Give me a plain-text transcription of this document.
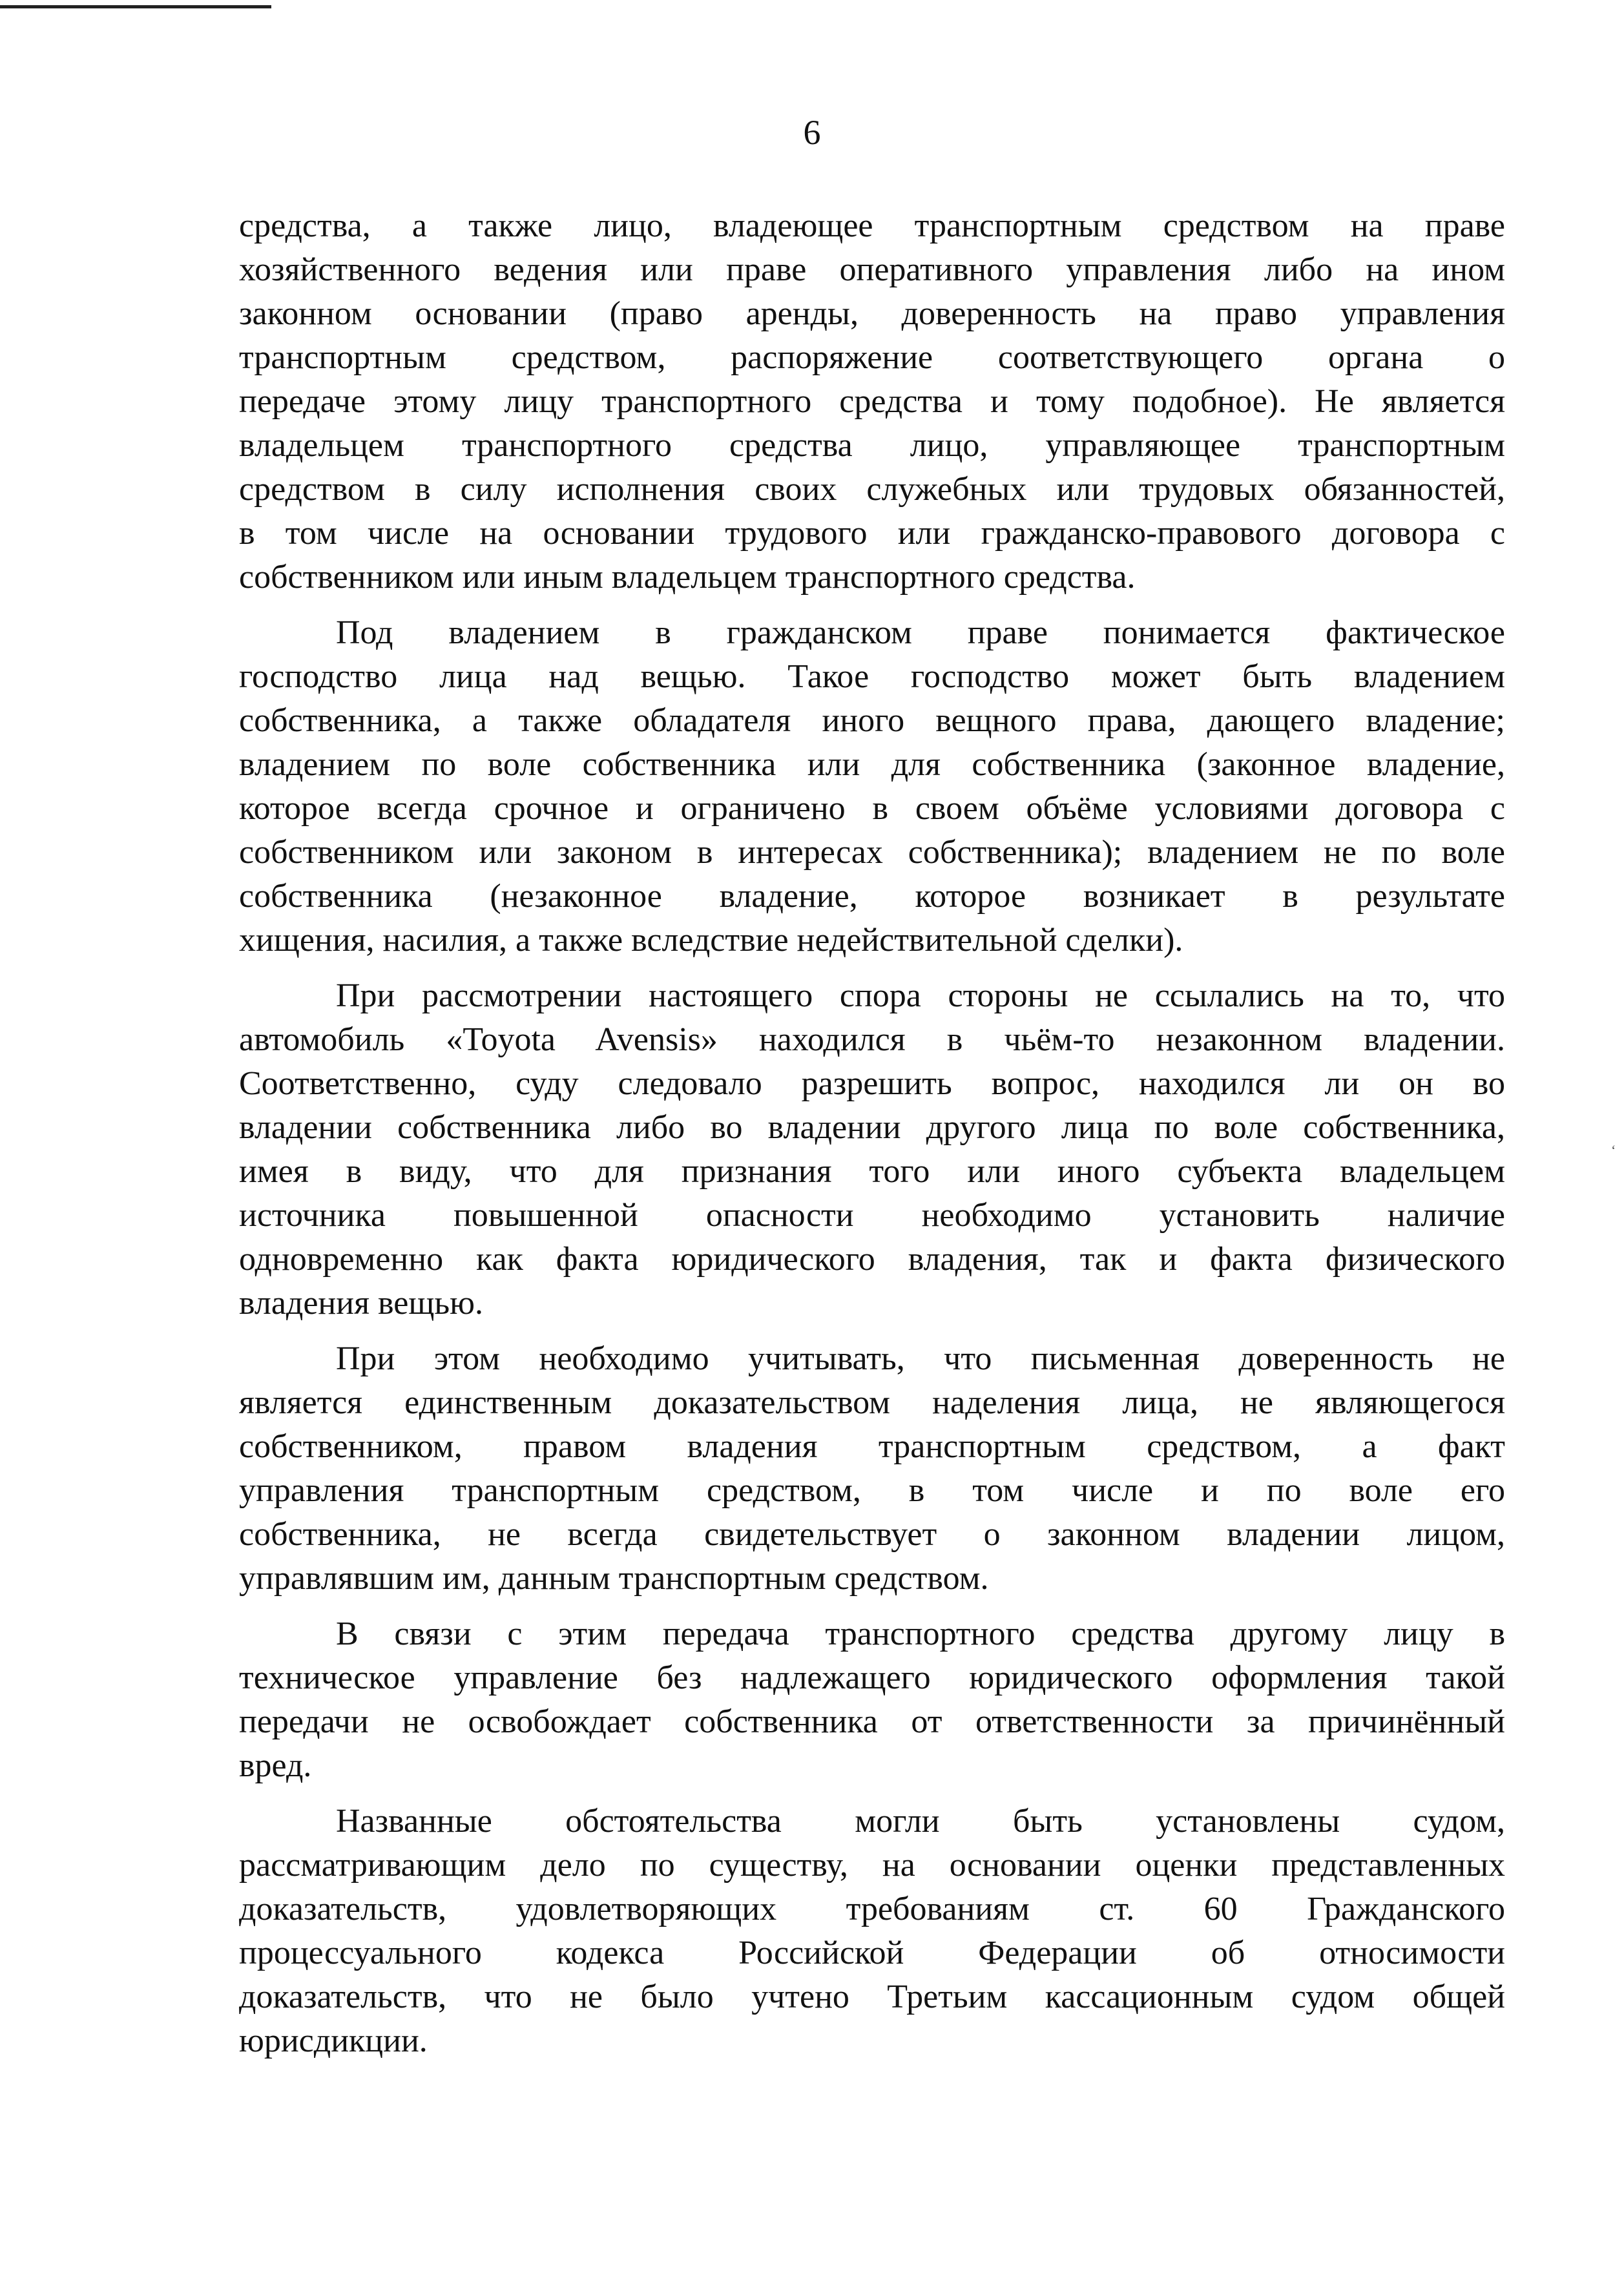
6
средства, а также лицо, владеющее транспортным средством на праве
хозяйственного ведения или праве оперативного управления либо на ином
законном основании (право аренды, доверенность на право управления
транспортным средством, распоряжение соответствующего органа о
передаче этому лицу транспортного средства и тому подобное). Не является
владельцем транспортного средства лицо, управляющее транспортным
средством в силу исполнения своих служебных или трудовых обязанностей,
в том числе на основании трудового или гражданско-правового договора с
собственником или иным владельцем транспортного средства.
Под владением в гражданском праве понимается фактическое
господство лица над вещью. Такое господство может быть владением
собственника, а также обладателя иного вещного права, дающего владение;
владением по воле собственника или для собственника (законное владение,
которое всегда срочное и ограничено в своем объёме условиями договора с
собственником или законом в интересах собственника); владением не по воле
собственника (незаконное владение, которое возникает в результате
хищения, насилия, а также вследствие недействительной сделки).
При рассмотрении настоящего спора стороны не ссылались на то, что
автомобиль «Toyota Avensis» находился в чьём-то незаконном владении.
Соответственно, суду следовало разрешить вопрос, находился ли он во
владении собственника либо во владении другого лица по воле собственника,
имея в виду, что для признания того или иного субъекта владельцем
источника повышенной опасности необходимо установить наличие
одновременно как факта юридического владения, так и факта физического
владения вещью.
При этом необходимо учитывать, что письменная доверенность не
является единственным доказательством наделения лица, не являющегося
собственником, правом владения транспортным средством, а факт
управления транспортным средством, в том числе и по воле его
собственника, не всегда свидетельствует о законном владении лицом,
управлявшим им, данным транспортным средством.
В связи с этим передача транспортного средства другому лицу в
техническое управление без надлежащего юридического оформления такой
передачи не освобождает собственника от ответственности за причинённый
вред.
Названные обстоятельства могли быть установлены судом,
рассматривающим дело по существу, на основании оценки представленных
доказательств, удовлетворяющих требованиям ст. 60 Гражданского
процессуального кодекса Российской Федерации об относимости
доказательств, что не было учтено Третьим кассационным судом общей
юрисдикции.
ʻ
